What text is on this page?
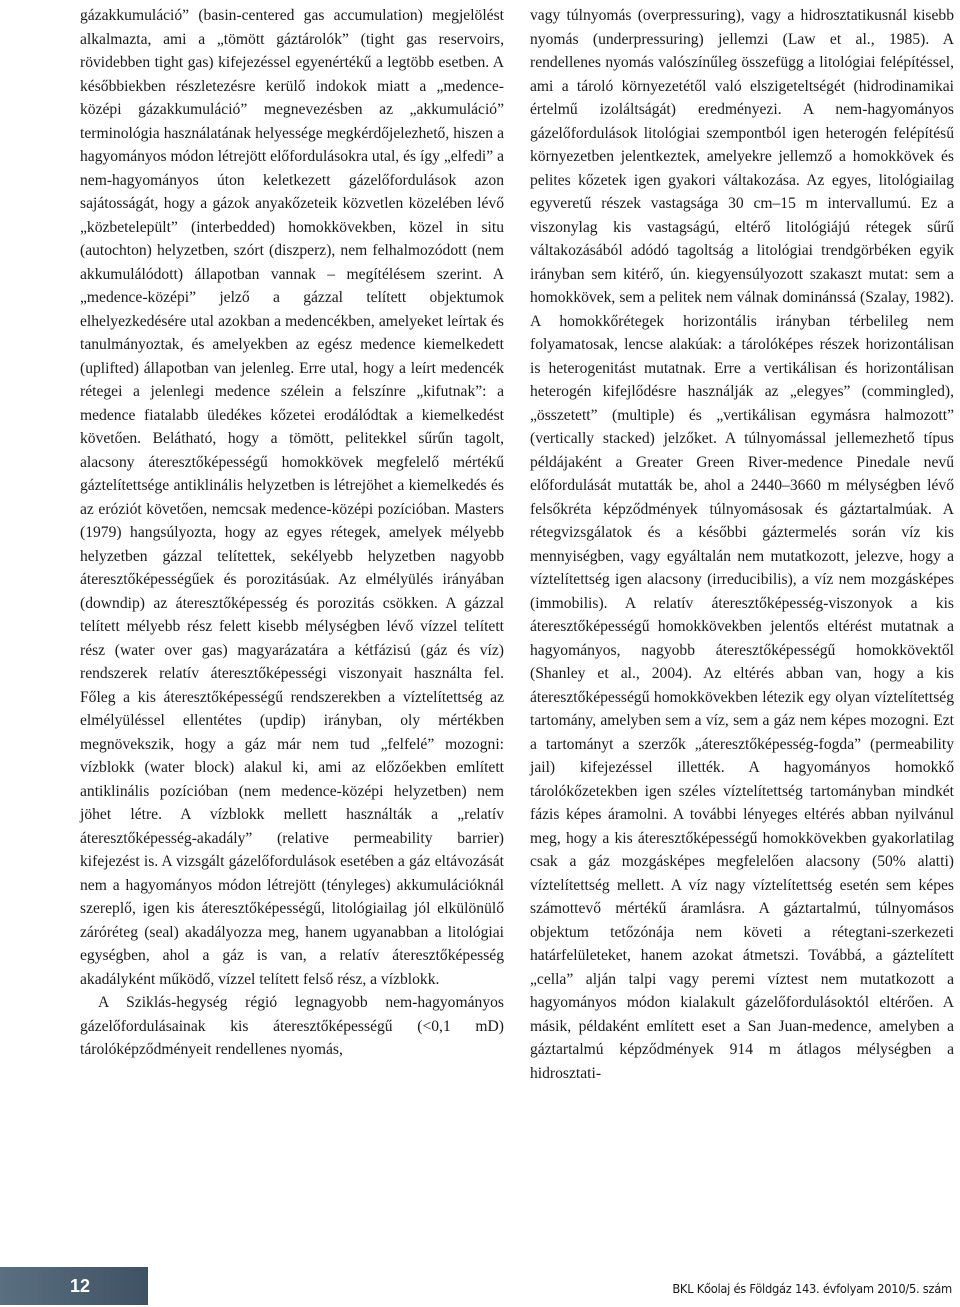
gázakkumuláció” (basin-centered gas accumulation) megjelölést alkalmazta, ami a „tömött gáztárolók” (tight gas reservoirs, rövidebben tight gas) kifejezéssel egyenértékű a legtöbb esetben. A későbbiekben részletezésre kerülő indokok miatt a „medence-középi gázakkumuláció” megnevezésben az „akkumuláció” terminológia használatának helyessége megkérdőjelezhető, hiszen a hagyományos módon létrejött előfordulásokra utal, és így „elfedi” a nem-hagyományos úton keletkezett gázelőfordulások azon sajátosságát, hogy a gázok anyakőzeteik közvetlen közelében lévő „közbetelepült” (interbedded) homokkövekben, közel in situ (autochton) helyzetben, szórt (diszperz), nem felhalmozódott (nem akkumulálódott) állapotban vannak – megítélésem szerint. A „medence-középi” jelző a gázzal telített objektumok elhelyezkedésére utal azokban a medencékben, amelyeket leírtak és tanulmányoztak, és amelyekben az egész medence kiemelkedett (uplifted) állapotban van jelenleg. Erre utal, hogy a leírt medencék rétegei a jelenlegi medence szélein a felszínre „kifutnak”: a medence fiatalabb üledékes kőzetei erodálódtak a kiemelkedést követően. Belátható, hogy a tömött, pelitekkel sűrűn tagolt, alacsony áteresztőképességű homokkövek megfelelő mértékű gáztelítettsége antiklinális helyzetben is létrejöhet a kiemelkedés és az eróziót követően, nemcsak medence-középi pozícióban. Masters (1979) hangsúlyozta, hogy az egyes rétegek, amelyek mélyebb helyzetben gázzal telítettek, sekélyebb helyzetben nagyobb áteresztőképességűek és porozitásúak. Az elmélyülés irányában (downdip) az áteresztőképesség és porozitás csökken. A gázzal telített mélyebb rész felett kisebb mélységben lévő vízzel telített rész (water over gas) magyarázatára a kétfázisú (gáz és víz) rendszerek relatív áteresztőképességi viszonyait használta fel. Főleg a kis áteresztőképességű rendszerekben a víztelítettség az elmélyüléssel ellentétes (updip) irányban, oly mértékben megnövekszik, hogy a gáz már nem tud „felfelé” mozogni: vízblokk (water block) alakul ki, ami az előzőekben említett antiklinális pozícióban (nem medence-középi helyzetben) nem jöhet létre. A vízblokk mellett használták a „relatív áteresztőképesség-akadály” (relative permeability barrier) kifejezést is. A vizsgált gázelőfordulások esetében a gáz eltávozását nem a hagyományos módon létrejött (tényleges) akkumulációknál szereplő, igen kis áteresztőképességű, litológiailag jól elkülönülő záróréteg (seal) akadályozza meg, hanem ugyanabban a litológiai egységben, ahol a gáz is van, a relatív áteresztőképesség akadályként működő, vízzel telített felső rész, a vízblokk.

A Sziklás-hegység régió legnagyobb nem-hagyományos gázelőfordulásainak kis áteresztőképességű (<0,1 mD) tárolóképződményeit rendellenes nyomás,

vagy túlnyomás (overpressuring), vagy a hidrosztatikusnál kisebb nyomás (underpressuring) jellemzi (Law et al., 1985). A rendellenes nyomás valószínűleg összefügg a litológiai felépítéssel, ami a tároló környezetétől való elszigeteltségét (hidrodinamikai értelmű izoláltságát) eredményezi. A nem-hagyományos gázelőfordulások litológiai szempontból igen heterogén felépítésű környezetben jelentkeztek, amelyekre jellemző a homokkövek és pelites kőzetek igen gyakori váltakozása. Az egyes, litológiailag egyveretű részek vastagsága 30 cm–15 m intervallumú. Ez a viszonylag kis vastagságú, eltérő litológiájú rétegek sűrű váltakozásából adódó tagoltság a litológiai trendgörbéken egyik irányban sem kitérő, ún. kiegyensúlyozott szakaszt mutat: sem a homokkövek, sem a pelitek nem válnak dominánssá (Szalay, 1982). A homokkőrétegek horizontális irányban térbelileg nem folyamatosak, lencse alakúak: a tárolóképes részek horizontálisan is heterogenitást mutatnak. Erre a vertikálisan és horizontálisan heterogén kifejlődésre használják az „elegyes” (commingled), „összetett” (multiple) és „vertikálisan egymásra halmozott” (vertically stacked) jelzőket. A túlnyomással jellemezhető típus példájaként a Greater Green River-medence Pinedale nevű előfordulását mutatták be, ahol a 2440–3660 m mélységben lévő felsőkréta képződmények túlnyomásosak és gáztartalmúak. A rétegvizsgálatok és a későbbi gáztermelés során víz kis mennyiségben, vagy egyáltalán nem mutatkozott, jelezve, hogy a víztelítettség igen alacsony (irreducibilis), a víz nem mozgásképes (immobilis). A relatív áteresztőképesség-viszonyok a kis áteresztőképességű homokkövekben jelentős eltérést mutatnak a hagyományos, nagyobb áteresztőképességű homokkövektől (Shanley et al., 2004). Az eltérés abban van, hogy a kis áteresztőképességű homokkövekben létezik egy olyan víztelítettség tartomány, amelyben sem a víz, sem a gáz nem képes mozogni. Ezt a tartományt a szerzők „áteresztőképesség-fogda” (permeability jail) kifejezéssel illették. A hagyományos homokkő tárolókőzetekben igen széles víztelítettség tartományban mindkét fázis képes áramolni. A további lényeges eltérés abban nyilvánul meg, hogy a kis áteresztőképességű homokkövekben gyakorlatilag csak a gáz mozgásképes megfelelően alacsony (50% alatti) víztelítettség mellett. A víz nagy víztelítettség esetén sem képes számottevő mértékű áramlásra. A gáztartalmú, túlnyomásos objektum tetőzónája nem követi a rétegtani-szerkezeti határfelületeket, hanem azokat átmetszi. Továbbá, a gáztelített „cella” alján talpi vagy peremi víztest nem mutatkozott a hagyományos módon kialakult gázelőfordulásoktól eltérően. A másik, példaként említett eset a San Juan-medence, amelyben a gáztartalmú képződmények 914 m átlagos mélységben a hidrosztati-

12	BKL Kőolaj és Földgáz 143. évfolyam 2010/5. szám
